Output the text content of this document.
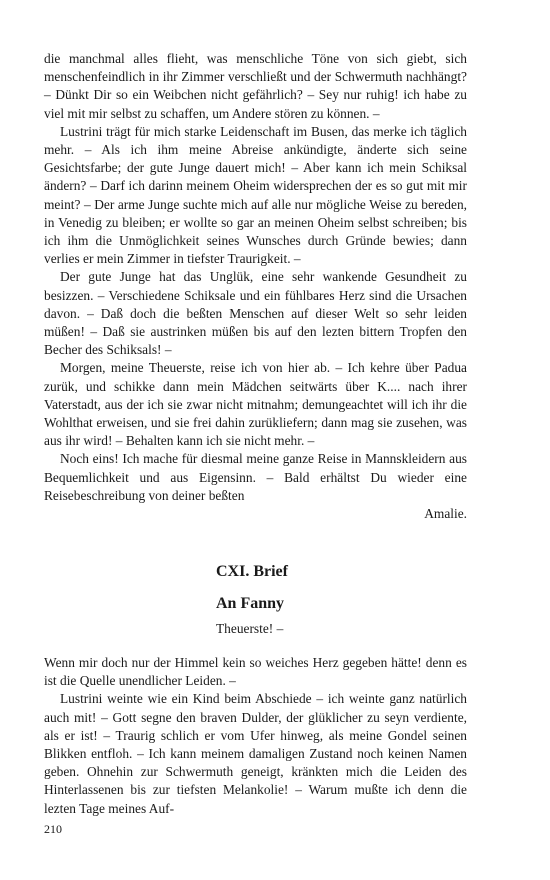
die manchmal alles flieht, was menschliche Töne von sich giebt, sich menschenfeindlich in ihr Zimmer verschließt und der Schwermuth nachhängt? – Dünkt Dir so ein Weibchen nicht gefährlich? – Sey nur ruhig! ich habe zu viel mit mir selbst zu schaffen, um Andere stören zu können. –

Lustrini trägt für mich starke Leidenschaft im Busen, das merke ich täglich mehr. – Als ich ihm meine Abreise ankündigte, änderte sich seine Gesichtsfarbe; der gute Junge dauert mich! – Aber kann ich mein Schiksal ändern? – Darf ich darinn meinem Oheim widersprechen der es so gut mit mir meint? – Der arme Junge suchte mich auf alle nur mögliche Weise zu bereden, in Venedig zu bleiben; er wollte so gar an meinen Oheim selbst schreiben; bis ich ihm die Unmöglichkeit seines Wunsches durch Gründe bewies; dann verlies er mein Zimmer in tiefster Traurigkeit. –

Der gute Junge hat das Unglük, eine sehr wankende Gesundheit zu besizzen. – Verschiedene Schiksale und ein fühlbares Herz sind die Ursachen davon. – Daß doch die beßten Menschen auf dieser Welt so sehr leiden müßen! – Daß sie austrinken müßen bis auf den lezten bittern Tropfen den Becher des Schiksals! –

Morgen, meine Theuerste, reise ich von hier ab. – Ich kehre über Padua zurük, und schikke dann mein Mädchen seitwärts über K.... nach ihrer Vaterstadt, aus der ich sie zwar nicht mitnahm; demungeachtet will ich ihr die Wohlthat erweisen, und sie frei dahin zurükliefern; dann mag sie zusehen, was aus ihr wird! – Behalten kann ich sie nicht mehr. –

Noch eins! Ich mache für diesmal meine ganze Reise in Mannskleidern aus Bequemlichkeit und aus Eigensinn. – Bald erhältst Du wieder eine Reisebeschreibung von deiner beßten

Amalie.

CXI. Brief

An Fanny

Theuerste! –

Wenn mir doch nur der Himmel kein so weiches Herz gegeben hätte! denn es ist die Quelle unendlicher Leiden. –

Lustrini weinte wie ein Kind beim Abschiede – ich weinte ganz natürlich auch mit! – Gott segne den braven Dulder, der glüklicher zu seyn verdiente, als er ist! – Traurig schlich er vom Ufer hinweg, als meine Gondel seinen Blikken entfloh. – Ich kann meinem damaligen Zustand noch keinen Namen geben. Ohnehin zur Schwermuth geneigt, kränkten mich die Leiden des Hinterlassenen bis zur tiefsten Melankolie! – Warum mußte ich denn die lezten Tage meines Auf-

210
